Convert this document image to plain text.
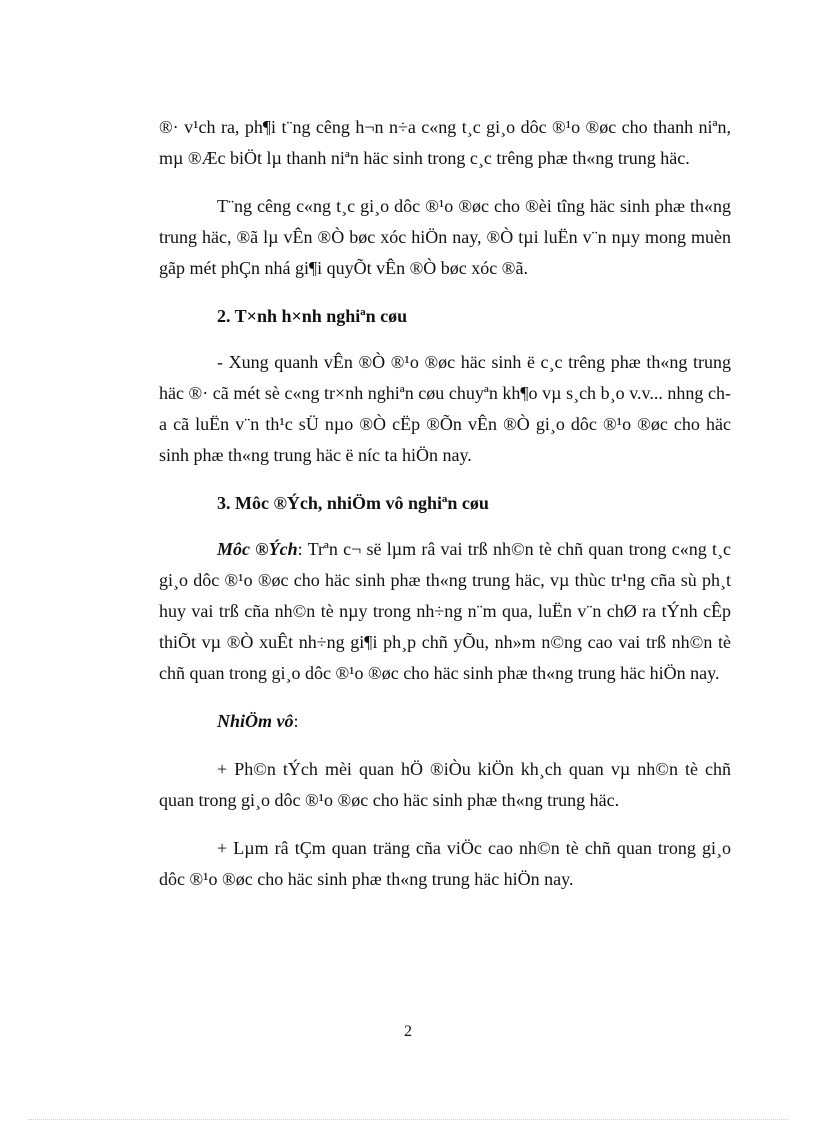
®· v¹ch ra, ph¶i t¨ng cêng h¬n n÷a c«ng t¸c gi¸o dôc ®¹o ®øc cho thanh niªn, mµ ®Æc biÖt lµ thanh niªn häc sinh trong c¸c trêng phæ th«ng trung häc.

T¨ng cêng c«ng t¸c gi¸o dôc ®¹o ®øc cho ®èi tîng häc sinh phæ th«ng trung häc, ®ã lµ vÊn ®Ò bøc xóc hiÖn nay, ®Ò tµi luËn v¨n nµy mong muèn gãp mét phÇn nhá gi¶i quyÕt vÊn ®Ò bøc xóc ®ã.

2. T×nh h×nh nghiªn cøu

- Xung quanh vÊn ®Ò ®¹o ®øc häc sinh ë c¸c trêng phæ th«ng trung häc ®· cã mét sè c«ng tr×nh nghiªn cøu chuyªn kh¶o vµ s¸ch b¸o v.v... nhng cha cã luËn v¨n th¹c sÜ nµo ®Ò cËp ®Õn vÊn ®Ò gi¸o dôc ®¹o ®øc cho häc sinh phæ th«ng trung häc ë níc ta hiÖn nay.

3. Môc ®Ých, nhiÖm vô nghiªn cøu

Môc ®Ých: Trªn c¬ së lµm râ vai trß nh©n tè chñ quan trong c«ng t¸c gi¸o dôc ®¹o ®øc cho häc sinh phæ th«ng trung häc, vµ thùc tr¹ng cña sù ph¸t huy vai trß cña nh©n tè nµy trong nh÷ng n¨m qua, luËn v¨n chØ ra tÝnh cÊp thiÕt vµ ®Ò xuÊt nh÷ng gi¶i ph¸p chñ yÕu, nh»m n©ng cao vai trß nh©n tè chñ quan trong gi¸o dôc ®¹o ®øc cho häc sinh phæ th«ng trung häc hiÖn nay.

NhiÖm vô:

+ Ph©n tÝch mèi quan hÖ ®iÒu kiÖn kh¸ch quan vµ nh©n tè chñ quan trong gi¸o dôc ®¹o ®øc cho häc sinh phæ th«ng trung häc.

+ Lµm râ tÇm quan träng cña viÖc cao nh©n tè chñ quan trong gi¸o dôc ®¹o ®øc cho häc sinh phæ th«ng trung häc hiÖn nay.

2
